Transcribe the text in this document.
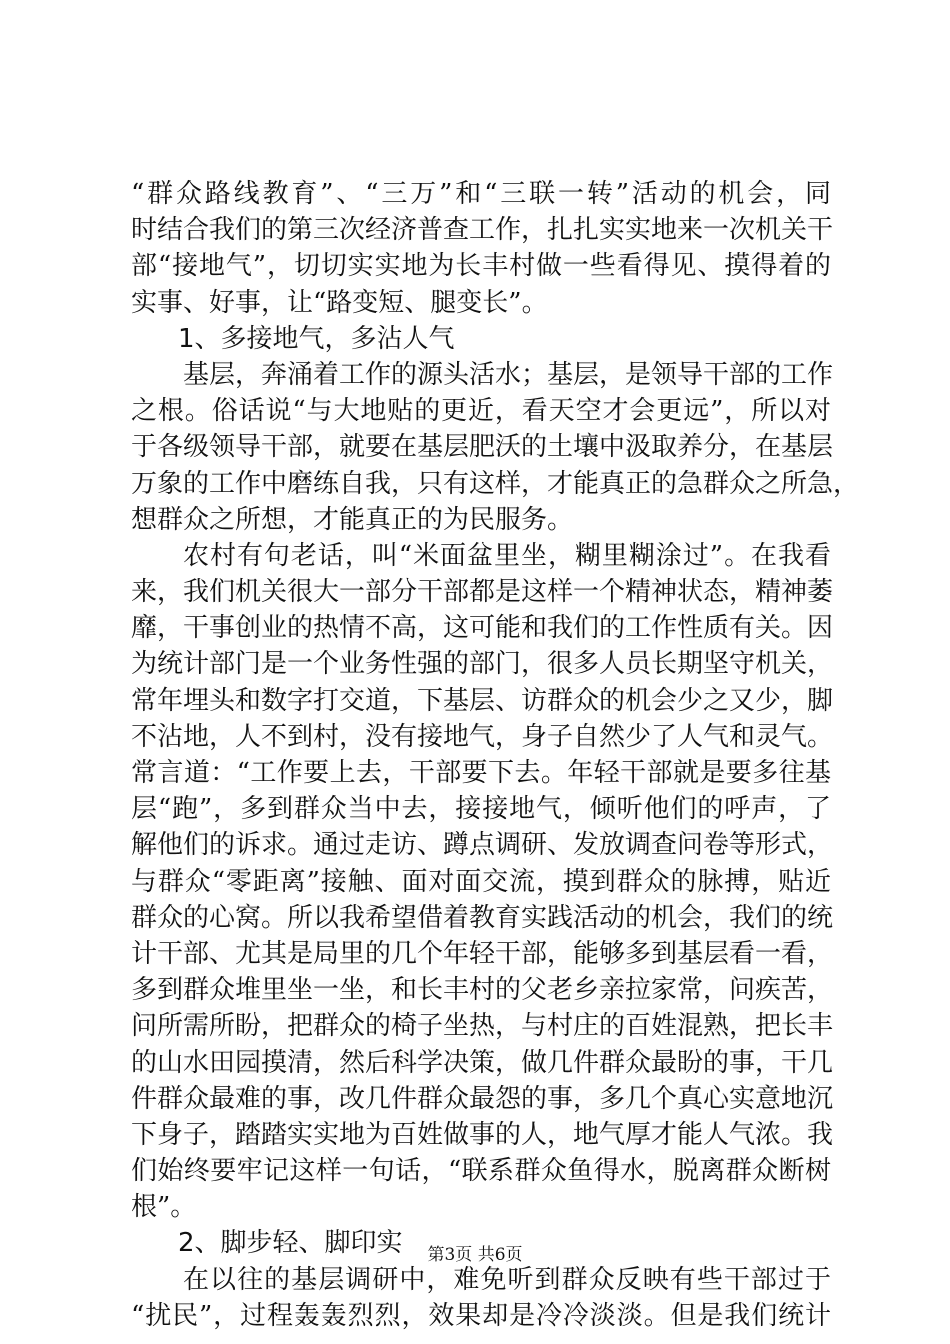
“群众路线教育”、“三万”和“三联一转”活动的机会，同
时结合我们的第三次经济普查工作，扎扎实实地来一次机关干
部“接地气”，切切实实地为长丰村做一些看得见、摸得着的
实事、好事，让“路变短、腿变长”。
1、多接地气，多沾人气
基层，奔涌着工作的源头活水；基层，是领导干部的工作
之根。俗话说“与大地贴的更近，看天空才会更远”，所以对
于各级领导干部，就要在基层肥沃的土壤中汲取养分，在基层
万象的工作中磨练自我，只有这样，才能真正的急群众之所急，
想群众之所想，才能真正的为民服务。
农村有句老话，叫“米面盆里坐，糊里糊涂过”。在我看
来，我们机关很大一部分干部都是这样一个精神状态，精神萎
靡，干事创业的热情不高，这可能和我们的工作性质有关。因
为统计部门是一个业务性强的部门，很多人员长期坚守机关，
常年埋头和数字打交道，下基层、访群众的机会少之又少，脚
不沾地，人不到村，没有接地气，身子自然少了人气和灵气。
常言道：“工作要上去，干部要下去。年轻干部就是要多往基
层“跑”，多到群众当中去，接接地气，倾听他们的呼声，了
解他们的诉求。通过走访、蹲点调研、发放调查问卷等形式，
与群众“零距离”接触、面对面交流，摸到群众的脉搏，贴近
群众的心窝。所以我希望借着教育实践活动的机会，我们的统
计干部、尤其是局里的几个年轻干部，能够多到基层看一看，
多到群众堆里坐一坐，和长丰村的父老乡亲拉家常，问疾苦，
问所需所盼，把群众的椅子坐热，与村庄的百姓混熟，把长丰
的山水田园摸清，然后科学决策，做几件群众最盼的事，干几
件群众最难的事，改几件群众最怨的事，多几个真心实意地沉
下身子，踏踏实实地为百姓做事的人，地气厚才能人气浓。我
们始终要牢记这样一句话，“联系群众鱼得水，脱离群众断树
根”。
2、脚步轻、脚印实
在以往的基层调研中，难免听到群众反映有些干部过于
“扰民”，过程轰轰烈烈，效果却是冷冷淡淡。但是我们统计
第3页 共6页
